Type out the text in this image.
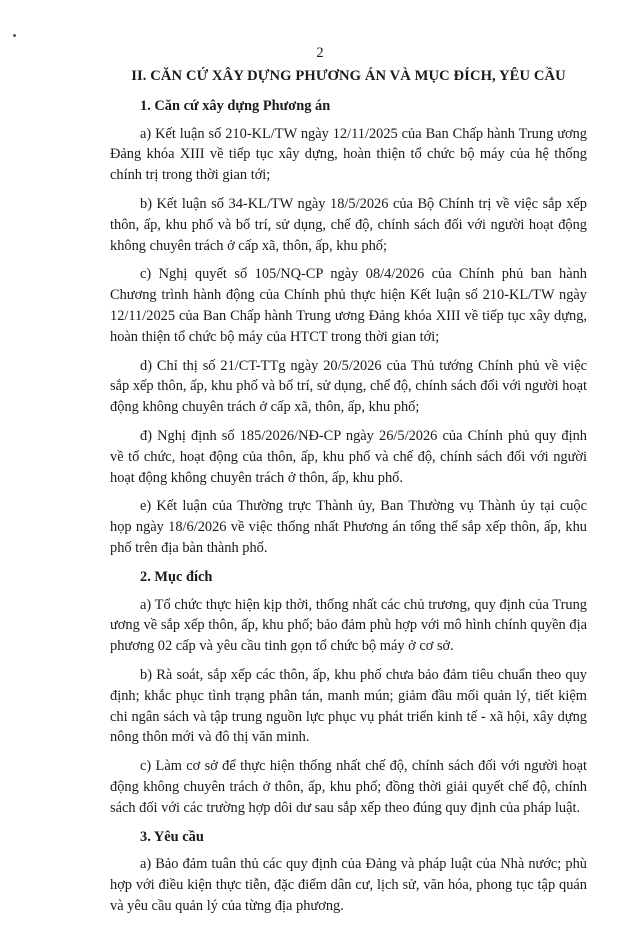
2
II. CĂN CỨ XÂY DỰNG PHƯƠNG ÁN VÀ MỤC ĐÍCH, YÊU CẦU
1. Căn cứ xây dựng Phương án

a) Kết luận số 210-KL/TW ngày 12/11/2025 của Ban Chấp hành Trung ương Đảng khóa XIII về tiếp tục xây dựng, hoàn thiện tổ chức bộ máy của hệ thống chính trị trong thời gian tới;

b) Kết luận số 34-KL/TW ngày 18/5/2026 của Bộ Chính trị về việc sắp xếp thôn, ấp, khu phố và bố trí, sử dụng, chế độ, chính sách đối với người hoạt động không chuyên trách ở cấp xã, thôn, ấp, khu phố;

c) Nghị quyết số 105/NQ-CP ngày 08/4/2026 của Chính phủ ban hành Chương trình hành động của Chính phủ thực hiện Kết luận số 210-KL/TW ngày 12/11/2025 của Ban Chấp hành Trung ương Đảng khóa XIII về tiếp tục xây dựng, hoàn thiện tổ chức bộ máy của HTCT trong thời gian tới;

d) Chỉ thị số 21/CT-TTg ngày 20/5/2026 của Thủ tướng Chính phủ về việc sắp xếp thôn, ấp, khu phố và bố trí, sử dụng, chế độ, chính sách đối với người hoạt động không chuyên trách ở cấp xã, thôn, ấp, khu phố;

đ) Nghị định số 185/2026/NĐ-CP ngày 26/5/2026 của Chính phủ quy định về tổ chức, hoạt động của thôn, ấp, khu phố và chế độ, chính sách đối với người hoạt động không chuyên trách ở thôn, ấp, khu phố.

e) Kết luận của Thường trực Thành ủy, Ban Thường vụ Thành ủy tại cuộc họp ngày 18/6/2026 về việc thống nhất Phương án tổng thể sắp xếp thôn, ấp, khu phố trên địa bàn thành phố.

2. Mục đích

a) Tổ chức thực hiện kịp thời, thống nhất các chủ trương, quy định của Trung ương về sắp xếp thôn, ấp, khu phố; bảo đảm phù hợp với mô hình chính quyền địa phương 02 cấp và yêu cầu tinh gọn tổ chức bộ máy ở cơ sở.

b) Rà soát, sắp xếp các thôn, ấp, khu phố chưa bảo đảm tiêu chuẩn theo quy định; khắc phục tình trạng phân tán, manh mún; giảm đầu mối quản lý, tiết kiệm chi ngân sách và tập trung nguồn lực phục vụ phát triển kinh tế - xã hội, xây dựng nông thôn mới và đô thị văn minh.

c) Làm cơ sở để thực hiện thống nhất chế độ, chính sách đối với người hoạt động không chuyên trách ở thôn, ấp, khu phố; đồng thời giải quyết chế độ, chính sách đối với các trường hợp dôi dư sau sắp xếp theo đúng quy định của pháp luật.

3. Yêu cầu

a) Bảo đảm tuân thủ các quy định của Đảng và pháp luật của Nhà nước; phù hợp với điều kiện thực tiễn, đặc điểm dân cư, lịch sử, văn hóa, phong tục tập quán và yêu cầu quản lý của từng địa phương.
